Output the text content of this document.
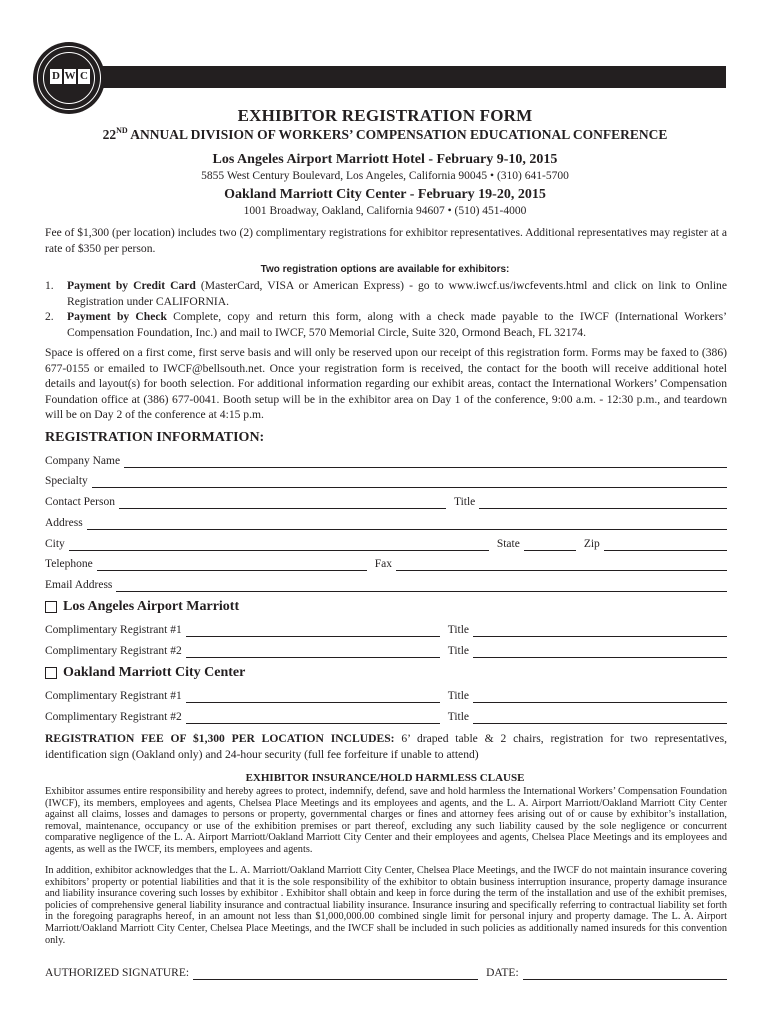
D W C
EXHIBITOR REGISTRATION FORM
22ND ANNUAL DIVISION OF WORKERS’ COMPENSATION EDUCATIONAL CONFERENCE
Los Angeles Airport Marriott Hotel - February 9-10, 2015
5855 West Century Boulevard, Los Angeles, California 90045 • (310) 641-5700
Oakland Marriott City Center - February 19-20, 2015
1001 Broadway, Oakland, California 94607 • (510) 451-4000
Fee of $1,300 (per location) includes two (2) complimentary registrations for exhibitor representatives. Additional representatives may register at a rate of $350 per person.
Two registration options are available for exhibitors:
1.	Payment by Credit Card (MasterCard, VISA or American Express) - go to www.iwcf.us/iwcfevents.html and click on link to Online Registration under CALIFORNIA.
2.	Payment by Check Complete, copy and return this form, along with a check made payable to the IWCF (International Workers’ Compensation Foundation, Inc.) and mail to IWCF, 570 Memorial Circle, Suite 320, Ormond Beach, FL 32174.
Space is offered on a first come, first serve basis and will only be reserved upon our receipt of this registration form. Forms may be faxed to (386) 677-0155 or emailed to IWCF@bellsouth.net. Once your registration form is received, the contact for the booth will receive additional hotel details and layout(s) for booth selection. For additional information regarding our exhibit areas, contact the International Workers’ Compensation Foundation office at (386) 677-0041. Booth setup will be in the exhibitor area on Day 1 of the conference, 9:00 a.m. - 12:30 p.m., and teardown will be on Day 2 of the conference at 4:15 p.m.
REGISTRATION INFORMATION:
Company Name
Specialty
Contact Person	Title
Address
City	State	Zip
Telephone	Fax
Email Address
Los Angeles Airport Marriott
Complimentary Registrant #1	Title
Complimentary Registrant #2	Title
Oakland Marriott City Center
Complimentary Registrant #1	Title
Complimentary Registrant #2	Title
REGISTRATION FEE OF $1,300 PER LOCATION INCLUDES: 6’ draped table & 2 chairs, registration for two representatives, identification sign (Oakland only) and 24-hour security (full fee forfeiture if unable to attend)
EXHIBITOR INSURANCE/HOLD HARMLESS CLAUSE
Exhibitor assumes entire responsibility and hereby agrees to protect, indemnify, defend, save and hold harmless the International Workers’ Compensation Foundation (IWCF), its members, employees and agents, Chelsea Place Meetings and its employees and agents, and the L. A. Airport Marriott/Oakland Marriott City Center against all claims, losses and damages to persons or property, governmental charges or fines and attorney fees arising out of or cause by exhibitor’s installation, removal, maintenance, occupancy or use of the exhibition premises or part thereof, excluding any such liability caused by the sole negligence or concurrent comparative negligence of the L. A. Airport Marriott/Oakland Marriott City Center and their employees and agents, Chelsea Place Meetings and its employees and agents, as well as the IWCF, its members, employees and agents.
In addition, exhibitor acknowledges that the L. A. Marriott/Oakland Marriott City Center, Chelsea Place Meetings, and the IWCF do not maintain insurance covering exhibitors’ property or potential liabilities and that it is the sole responsibility of the exhibitor to obtain business interruption insurance, property damage insurance and liability insurance covering such losses by exhibitor . Exhibitor shall obtain and keep in force during the term of the installation and use of the exhibit premises, policies of comprehensive general liability insurance and contractual liability insurance. Insurance insuring and specifically referring to contractual liability set forth in the foregoing paragraphs hereof, in an amount not less than $1,000,000.00 combined single limit for personal injury and property damage. The L. A. Airport Marriott/Oakland Marriott City Center, Chelsea Place Meetings, and the IWCF shall be included in such policies as additionally named insureds for this convention only.
AUTHORIZED SIGNATURE:	DATE:
